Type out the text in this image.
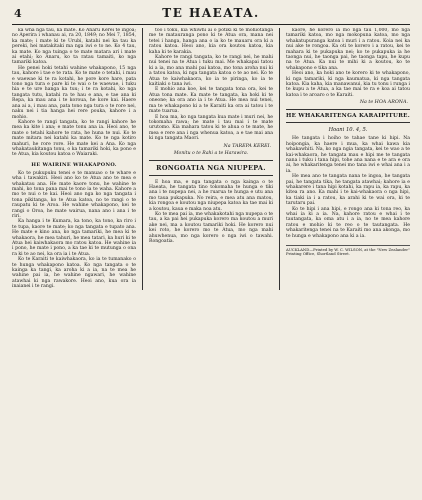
4	TE HAEATA.

ka wha nga tau, ka mate. Ko Anaru Kerei te ingoa; no Aperira i whanau ai, ra 20, 1849; no Mei 7, 1854, ka mate; i mate ki te Urubi, katahi nei ka tau ka pereki, hei matakitaki ma nga iwi e to ne. Ko 4 tau, ka mate. Ko nga tuinga o te mate matara ari i mate ai etahi; ko Anaru, ko ta ratau tamaiti, ko nga tamariki katoa.

He penei hoki tetahi wahine whakapono, 15 nga tau, kahore i tae e te rata. Ko te mate o tetahi, i mau e waewae ki te ra kotahi, he pore kore hare, pata tono nga tura e pare ki te wai o te waewae, i tuku hia e te ure hanga ka tuu; i te ra kotahi, ko nga tangata tutu, katahi ra te hau e ana, e tae ana ki Repa, ka mau ana i te koroua, he kore kai. Haere ana ai a, i mau ana, pata tono nga tura o te rore nei, naku nei i tia hanga hei rere pouka, kahore i a mohio.

Kahore te rangi tangata, ko te rangi kahore he mea ka kite i ana; e mate tonu ana ia. Heoi ano, te mate o tetahi kahore te rata, he huna te nui. Ko te mate mitara nei katahi ka mate. Ko te nga kotiro mahuri, he rore rore. He mate kei a Ana. Ko nga whakataukitanga tonu, o ka tamariki hoki, ka pono e te Atua, kia koutou katoa o Waiaraki.

HE WAIRINE WHAKAPONO.

Ko te pukupuku tenei e te manuao o te whare e wha i tawakiri. Heoi ano ko te Atua ano te mea e whakatau ana. He mate kaore tonu, he wahine te mahi, ko tona pana mai te tono ia te waha. Kahore a mo te nui o te kai. Heoi ano nga ko nga tangata i tona pikitanga, ko te Atua katoa, no te rangi o te raupatu ki te Aroa. He wahine whakapono, kei te rangi o Oroa, he mate wairua, nana ano i ana i te riri.

Ka hanga i te Kumara, ka tono, ka tono, ka riro i te tupa, kaore te mate; ko nga tangata e tupato ana. He mate e kino ana, ko nga tamariki, he mea ki te whakaora, he mea tahuri, he mea tatari, ka huri ki te Atua hei kaiwhakaora mo ratou katoa. He wahine ia i pono, he mate i pono, a ka tae ki te mutunga o ona ra ki te ao nei, ka ora ia i te Atua.

Ko te Karaiti te kaiwhakaora, ko ia te tumanako o te hunga whakapono katoa. Ko nga tangata o te kainga ka tangi, ka aroha ki a ia, na te mea he wahine pai ia, he wahine ngawari, he wahine atawhai ki nga rawakore. Heoi ano, kua ora ia inaianei i te rangi.

too i toku, kia whiwhi ai o potiki ki te mohiotanga me te matauranga pono ki te Atua ora, mana nei tetei i hanga, hanga ana o ia ko te mauaru ora ki a ratou katoa. Heoi ano, kia ora koutou katoa, kia kaha ki te karakia.

Kahore te rangi tangata, ko te rangi nei, he mahi nui tenei na te Atua i tuku mai. Me whakapai tatou ki a ia, mo ana mahi pai katoa, mo tona aroha nui ki a tatou katoa, ki nga tangata katoa o te ao nei. Ko te Atua te kaiwhakaora, ko ia te piringa, ko ia te kaitiaki o tana iwi.

E mohio ana koe, kei te tangata tona ora, kei te Atua tona mate. Ka mate te tangata, ka hoki ki te oneone; ka ora ano ia i te Atua. He mea nui tenei, ma te whakapono ki a te Karaiti ka ora ai tatou i te mate tuarua.

E hoa ma, ko nga tangata kua mate i muri nei, he tokomaha rawa; he mate i tau mai i te mate urutomo. Kia mahara tatou ki te ahua o te mate, he mea e rere ana i nga whenua katoa, a e tae mai ana ki nga tangata Maori.

Na TAREPA KEREI.
Monitu o te Rahi a te Harawira.
RONGOATIA NGA NIUPEPA.

E hoa ma, e nga tangata o nga kainga o te Haeata, he tangata tino tokomaha te hunga e tiki ana i te nupepa nei, a he ruarua te hunga e utu ana mo taua pukapuka. No reira, e mea atu ana matou, kia rongoa e koutou nga niupepa katoa ka tae mai ki a koutou, kaua e maka noa atu.

Ko te mea pai ia, me whakakotahi nga nupepa o te tau, a ka pai hei pukapuka korero ma koutou a muri ake nei, ma a koutou tamariki hoki. He korero nui kei roto, he korero mo te Atua, mo nga mahi ahuwhenua, mo nga korero o nga iwi o tawahi. Rongoatia.

kaore, he korero ia mo nga tau 1,000, mo nga tamariki katoa, mo nga mokopuna katoa, mo nga whakatupuranga katoa i muri i a ratou. Koia nei ka nui ake te rongoa. Ka oti te korero i a ratou, kei te mahara ki te pukapuka nei; ko te pukapuka ia he taonga nui, he taonga pai, he taonga tapu, he kupu na te Atua. Ka nui te mihi ki a koutou, ko te whakapono e tika ana.

Heoi ano, ka hoki ano te korero ki te whakapono, ki nga tamariki, ki nga kaumatua, ki nga tangata katoa. Kia kaha, kia manawanui, kia tu tonu i runga i te kupu a te Atua, a ka tae mai te ra e koa ai tatou katoa i te aroaro o te Karaiti.

Na te HOA ARONA.
HE WHAKARITENGA KARAIPITURE.
Hoani 10. 4, 5.

He tangata i hoiho te tahae tane ki hipi. Na hoipongia, ka haere i mua, ka whai kawa kia whakawhiti. Na, ko nga ngia tangata, kei te wao a te kai-whakaora, he tangata mau e hipi me te tangata nana i tuku i tana hipi, tohe ana nana e te ara e ora ai, he whakaritenga tenei mo tana iwi e whai ana i a ia.

He mea ano te tangata nana te ingoa, he tangata pai, he tangata tika, he tangata atawhai; kahore ia e whakarere i tana hipi kotahi, ka rapu ia, ka rapu, ka kitea ra ano. Ka mahi i te kai-whakaora o nga hipi, ka tiaki ia i a ratou, ka arahi ki te wai ora, ki te tarutaru pai.

Ko te hipi i ana hipi, e rongo ana ki tona reo, ka whai ia ki a ia. Na, kahore ratou e whai i te tautangata, ka oma atu i a ia, no te mea kahore ratou e mohio ki te reo o te tautangata. He whakaritenga tenei na te Karaiti mo ana akonga, mo te hunga e whakapono ana ki a ia.

AUCKLAND—Printed by W. C. WILSON, at the "New Zealander" Printing Office, Shortland Street.
